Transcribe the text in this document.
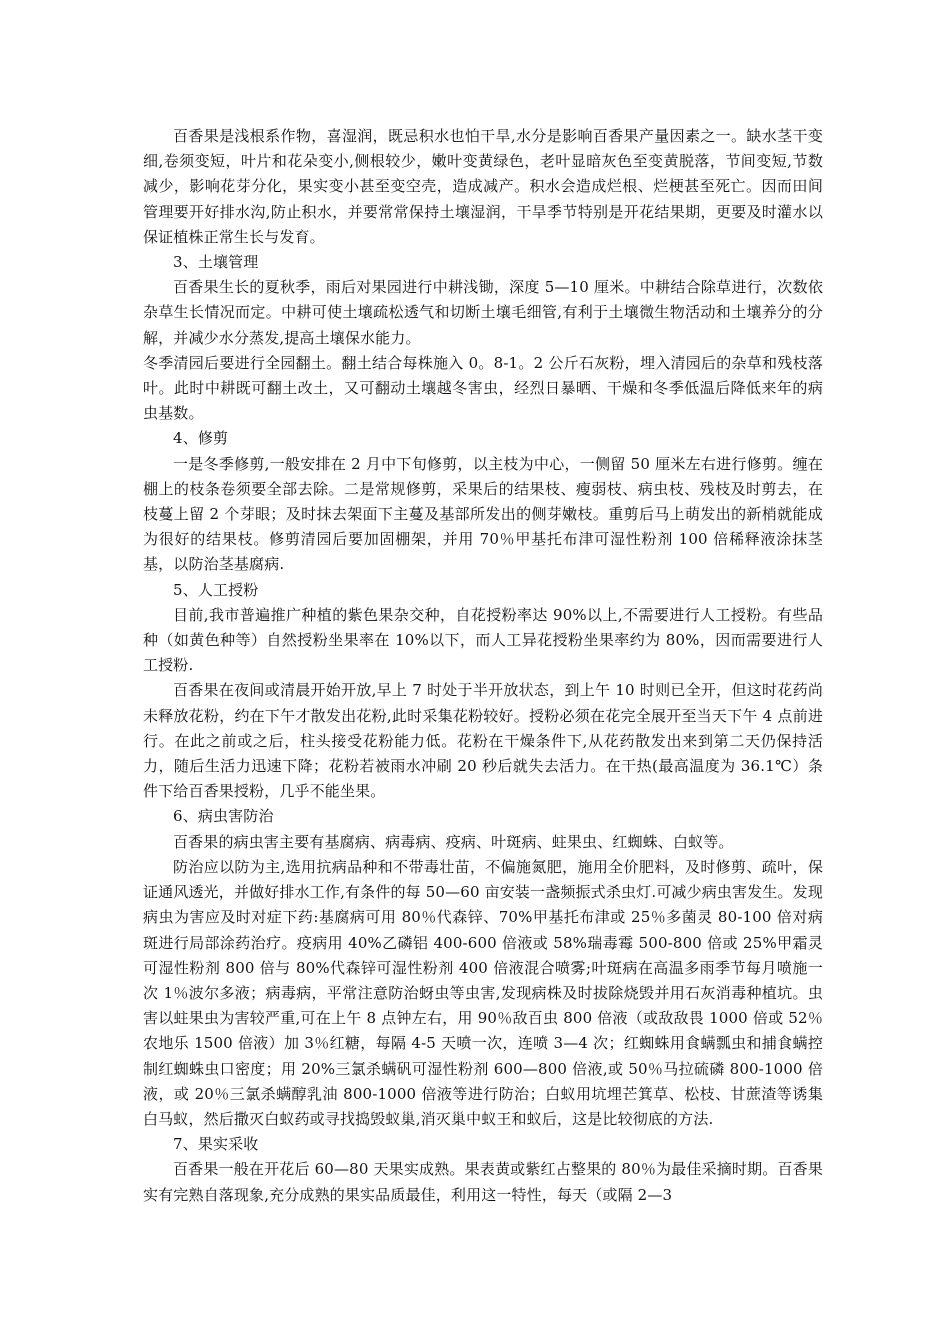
百香果是浅根系作物，喜湿润，既忌积水也怕干旱,水分是影响百香果产量因素之一。缺水茎干变细,卷须变短，叶片和花朵变小,侧根较少，嫩叶变黄绿色，老叶显暗灰色至变黄脱落，节间变短,节数减少，影响花芽分化，果实变小甚至变空壳，造成减产。积水会造成烂根、烂梗甚至死亡。因而田间管理要开好排水沟,防止积水，并要常常保持土壤湿润，干旱季节特别是开花结果期，更要及时灌水以保证植株正常生长与发育。

3、土壤管理

百香果生长的夏秋季，雨后对果园进行中耕浅锄，深度 5—10 厘米。中耕结合除草进行，次数依杂草生长情况而定。中耕可使土壤疏松透气和切断土壤毛细管,有利于土壤微生物活动和土壤养分的分解，并减少水分蒸发,提高土壤保水能力。

冬季清园后要进行全园翻土。翻土结合每株施入 0。8-1。2 公斤石灰粉，埋入清园后的杂草和残枝落叶。此时中耕既可翻土改土，又可翻动土壤越冬害虫，经烈日暴晒、干燥和冬季低温后降低来年的病虫基数。

4、修剪

一是冬季修剪,一般安排在 2 月中下旬修剪，以主枝为中心，一侧留 50 厘米左右进行修剪。缠在棚上的枝条卷须要全部去除。二是常规修剪，采果后的结果枝、瘦弱枝、病虫枝、残枝及时剪去，在枝蔓上留 2 个芽眼；及时抹去架面下主蔓及基部所发出的侧芽嫩枝。重剪后马上萌发出的新梢就能成为很好的结果枝。修剪清园后要加固棚架，并用 70％甲基托布津可湿性粉剂 100 倍稀释液涂抹茎基，以防治茎基腐病.

5、人工授粉

目前,我市普遍推广种植的紫色果杂交种，自花授粉率达 90%以上,不需要进行人工授粉。有些品种（如黄色种等）自然授粉坐果率在 10%以下，而人工异花授粉坐果率约为 80%，因而需要进行人工授粉.

百香果在夜间或清晨开始开放,早上 7 时处于半开放状态，到上午 10 时则已全开，但这时花药尚未释放花粉，约在下午才散发出花粉,此时采集花粉较好。授粉必须在花完全展开至当天下午 4 点前进行。在此之前或之后，柱头接受花粉能力低。花粉在干燥条件下,从花药散发出来到第二天仍保持活力，随后生活力迅速下降；花粉若被雨水冲刷 20 秒后就失去活力。在干热(最高温度为 36.1℃）条件下给百香果授粉，几乎不能坐果。

6、病虫害防治

百香果的病虫害主要有基腐病、病毒病、疫病、叶斑病、蛀果虫、红蜘蛛、白蚁等。

防治应以防为主,选用抗病品种和不带毒壮苗，不偏施氮肥，施用全价肥料，及时修剪、疏叶，保证通风透光，并做好排水工作,有条件的每 50—60 亩安装一盏频振式杀虫灯.可减少病虫害发生。发现病虫为害应及时对症下药:基腐病可用 80％代森锌、70%甲基托布津或 25％多菌灵 80-100 倍对病斑进行局部涂药治疗。疫病用 40%乙磷铝 400-600 倍液或 58%瑞毒霉 500-800 倍或 25%甲霜灵可湿性粉剂 800 倍与 80%代森锌可湿性粉剂 400 倍液混合喷雾;叶斑病在高温多雨季节每月喷施一次 1％波尔多液；病毒病，平常注意防治蚜虫等虫害,发现病株及时拔除烧毁并用石灰消毒种植坑。虫害以蛀果虫为害较严重,可在上午 8 点钟左右，用 90％敌百虫 800 倍液（或敌敌畏 1000 倍或 52％农地乐 1500 倍液）加 3％红糖，每隔 4-5 天喷一次，连喷 3—4 次；红蜘蛛用食螨瓢虫和捕食螨控制红蜘蛛虫口密度；用 20%三氯杀螨矾可湿性粉剂 600—800 倍液,或 50％马拉硫磷 800-1000 倍液，或 20％三氯杀螨醇乳油 800-1000 倍液等进行防治；白蚁用坑埋芒箕草、松枝、甘蔗渣等诱集白马蚁，然后撒灭白蚁药或寻找捣毁蚁巢,消灭巢中蚁王和蚁后，这是比较彻底的方法.

7、果实采收

百香果一般在开花后 60—80 天果实成熟。果表黄或紫红占整果的 80％为最佳采摘时期。百香果实有完熟自落现象,充分成熟的果实品质最佳，利用这一特性，每天（或隔 2—3
